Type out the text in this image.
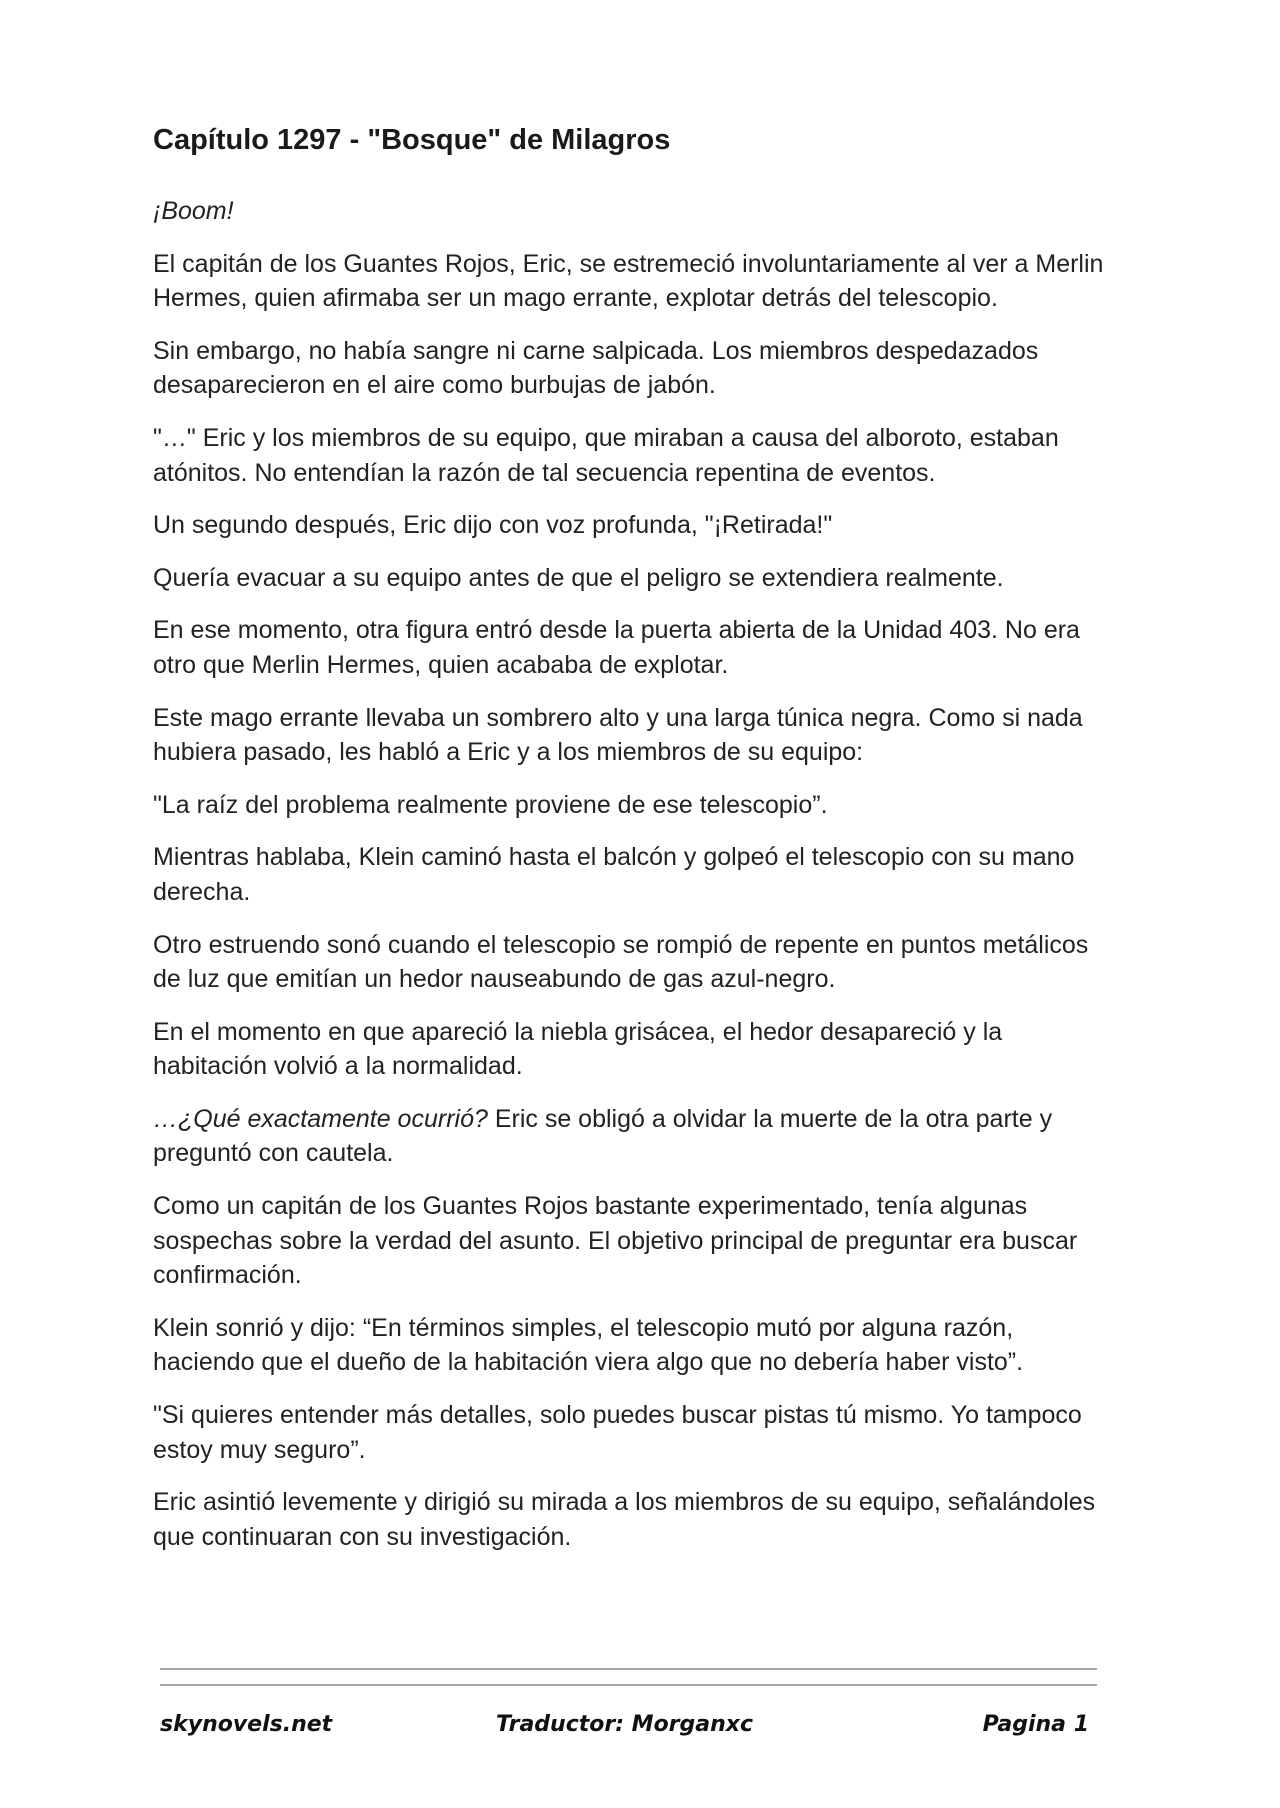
Capítulo 1297 - "Bosque" de Milagros

¡Boom!

El capitán de los Guantes Rojos, Eric, se estremeció involuntariamente al ver a Merlin Hermes, quien afirmaba ser un mago errante, explotar detrás del telescopio.

Sin embargo, no había sangre ni carne salpicada. Los miembros despedazados desaparecieron en el aire como burbujas de jabón.

"…" Eric y los miembros de su equipo, que miraban a causa del alboroto, estaban atónitos. No entendían la razón de tal secuencia repentina de eventos.

Un segundo después, Eric dijo con voz profunda, "¡Retirada!"

Quería evacuar a su equipo antes de que el peligro se extendiera realmente.

En ese momento, otra figura entró desde la puerta abierta de la Unidad 403. No era otro que Merlin Hermes, quien acababa de explotar.

Este mago errante llevaba un sombrero alto y una larga túnica negra. Como si nada hubiera pasado, les habló a Eric y a los miembros de su equipo:

"La raíz del problema realmente proviene de ese telescopio”.

Mientras hablaba, Klein caminó hasta el balcón y golpeó el telescopio con su mano derecha.

Otro estruendo sonó cuando el telescopio se rompió de repente en puntos metálicos de luz que emitían un hedor nauseabundo de gas azul-negro.

En el momento en que apareció la niebla grisácea, el hedor desapareció y la habitación volvió a la normalidad.

…¿Qué exactamente ocurrió? Eric se obligó a olvidar la muerte de la otra parte y preguntó con cautela.

Como un capitán de los Guantes Rojos bastante experimentado, tenía algunas sospechas sobre la verdad del asunto. El objetivo principal de preguntar era buscar confirmación.

Klein sonrió y dijo: “En términos simples, el telescopio mutó por alguna razón, haciendo que el dueño de la habitación viera algo que no debería haber visto”.

"Si quieres entender más detalles, solo puedes buscar pistas tú mismo. Yo tampoco estoy muy seguro”.

Eric asintió levemente y dirigió su mirada a los miembros de su equipo, señalándoles que continuaran con su investigación.

skynovels.net	Traductor: Morganxc	Pagina 1
